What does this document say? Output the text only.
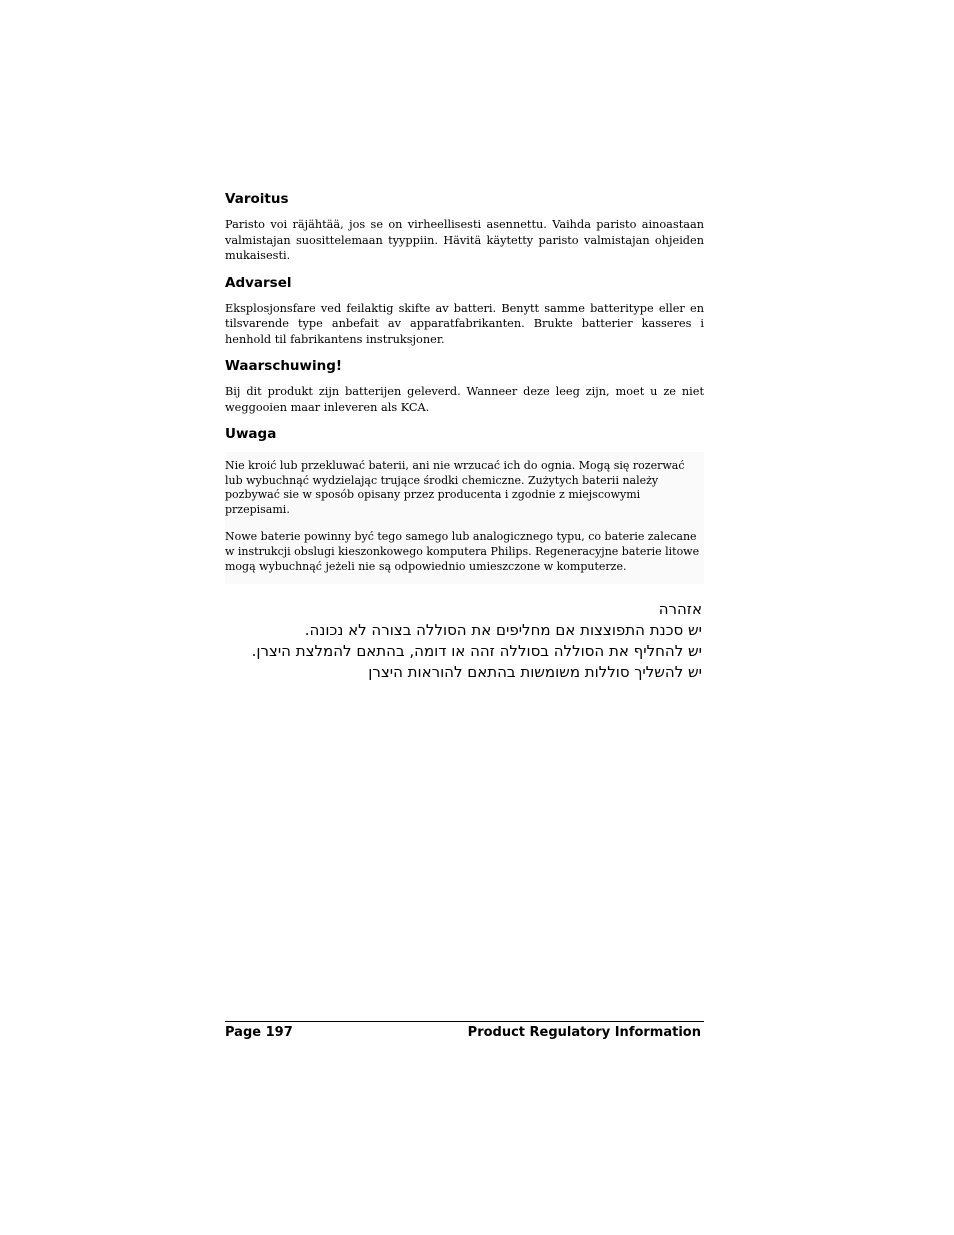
Varoitus

Paristo voi räjähtää, jos se on virheellisesti asennettu. Vaihda paristo ainoastaan valmistajan suosittelemaan tyyppiin. Hävitä käytetty paristo valmistajan ohjeiden mukaisesti.

Advarsel

Eksplosjonsfare ved feilaktig skifte av batteri. Benytt samme batteritype eller en tilsvarende type anbefait av apparatfabrikanten. Brukte batterier kasseres i henhold til fabrikantens instruksjoner.

Waarschuwing!

Bij dit produkt zijn batterijen geleverd. Wanneer deze leeg zijn, moet u ze niet weggooien maar inleveren als KCA.

Uwaga

Nie kroić lub przekluwać baterii, ani nie wrzucać ich do ognia. Mogą się rozerwać lub wybuchnąć wydzielając trujące środki chemiczne. Zużytych baterii należy pozbywać sie w sposób opisany przez producenta i zgodnie z miejscowymi przepisami.

Nowe baterie powinny być tego samego lub analogicznego typu, co baterie zalecane w instrukcji obslugi kieszonkowego komputera Philips. Regeneracyjne baterie litowe mogą wybuchnąć jeżeli nie są odpowiednio umieszczone w komputerze.

אזהרה
יש סכנת התפוצצות אם מחליפים את הסוללה בצורה לא נכונה.
יש להחליף את הסוללה בסוללה זהה או דומה, בהתאם להמלצת היצרן.
יש להשליך סוללות משומשות בהתאם להוראות היצרן
Page 197	Product Regulatory Information
